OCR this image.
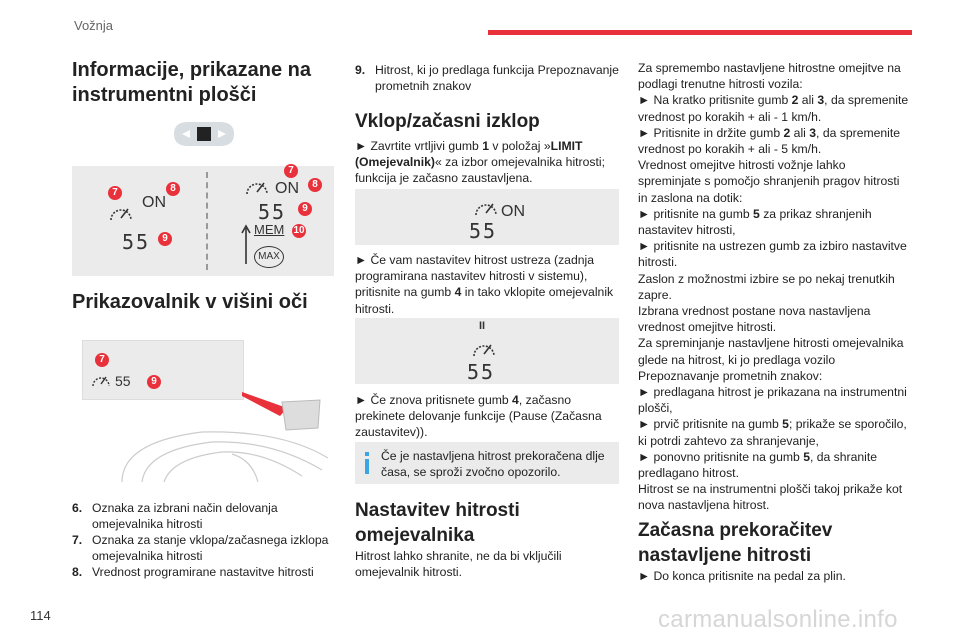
Vožnja
114	carmanualsonline.info
Informacije, prikazane na instrumentni plošči
ON
55
7	8
9
ON
55
MEM
MAX
7
8
9
10
Prikazovalnik v višini oči
55
7
9
6. Oznaka za izbrani način delovanja omejevalnika hitrosti
7. Oznaka za stanje vklopa/začasnega izklopa omejevalnika hitrosti
8. Vrednost programirane nastavitve hitrosti
9. Hitrost, ki jo predlaga funkcija Prepoznavanje prometnih znakov
Vklop/začasni izklop

► Zavrtite vrtljivi gumb 1 v položaj »LIMIT (Omejevalnik)« za izbor omejevalnika hitrosti; funkcija je začasno zaustavljena.

ON
55

► Če vam nastavitev hitrost ustreza (zadnja programirana nastavitev hitrosti v sistemu), pritisnite na gumb 4 in tako vklopite omejevalnik hitrosti.

II
55

► Če znova pritisnete gumb 4, začasno prekinete delovanje funkcije (Pause (Začasna zaustavitev)).

Če je nastavljena hitrost prekoračena dlje časa, se sproži zvočno opozorilo.
Nastavitev hitrosti omejevalnika

Hitrost lahko shranite, ne da bi vključili omejevalnik hitrosti.

Za spremembo nastavljene hitrostne omejitve na podlagi trenutne hitrosti vozila:

► Na kratko pritisnite gumb 2 ali 3, da spremenite vrednost po korakih + ali - 1 km/h.

► Pritisnite in držite gumb 2 ali 3, da spremenite vrednost po korakih + ali - 5 km/h.

Vrednost omejitve hitrosti vožnje lahko spreminjate s pomočjo shranjenih pragov hitrosti in zaslona na dotik:

► pritisnite na gumb 5 za prikaz shranjenih nastavitev hitrosti,

► pritisnite na ustrezen gumb za izbiro nastavitve hitrosti.

Zaslon z možnostmi izbire se po nekaj trenutkih zapre.

Izbrana vrednost postane nova nastavljena vrednost omejitve hitrosti.

Za spreminjanje nastavljene hitrosti omejevalnika glede na hitrost, ki jo predlaga vozilo Prepoznavanje prometnih znakov:

► predlagana hitrost je prikazana na instrumentni plošči,

► prvič pritisnite na gumb 5; prikaže se sporočilo, ki potrdi zahtevo za shranjevanje,

► ponovno pritisnite na gumb 5, da shranite predlagano hitrost.

Hitrost se na instrumentni plošči takoj prikaže kot nova nastavljena hitrost.

Začasna prekoračitev nastavljene hitrosti

► Do konca pritisnite na pedal za plin.
